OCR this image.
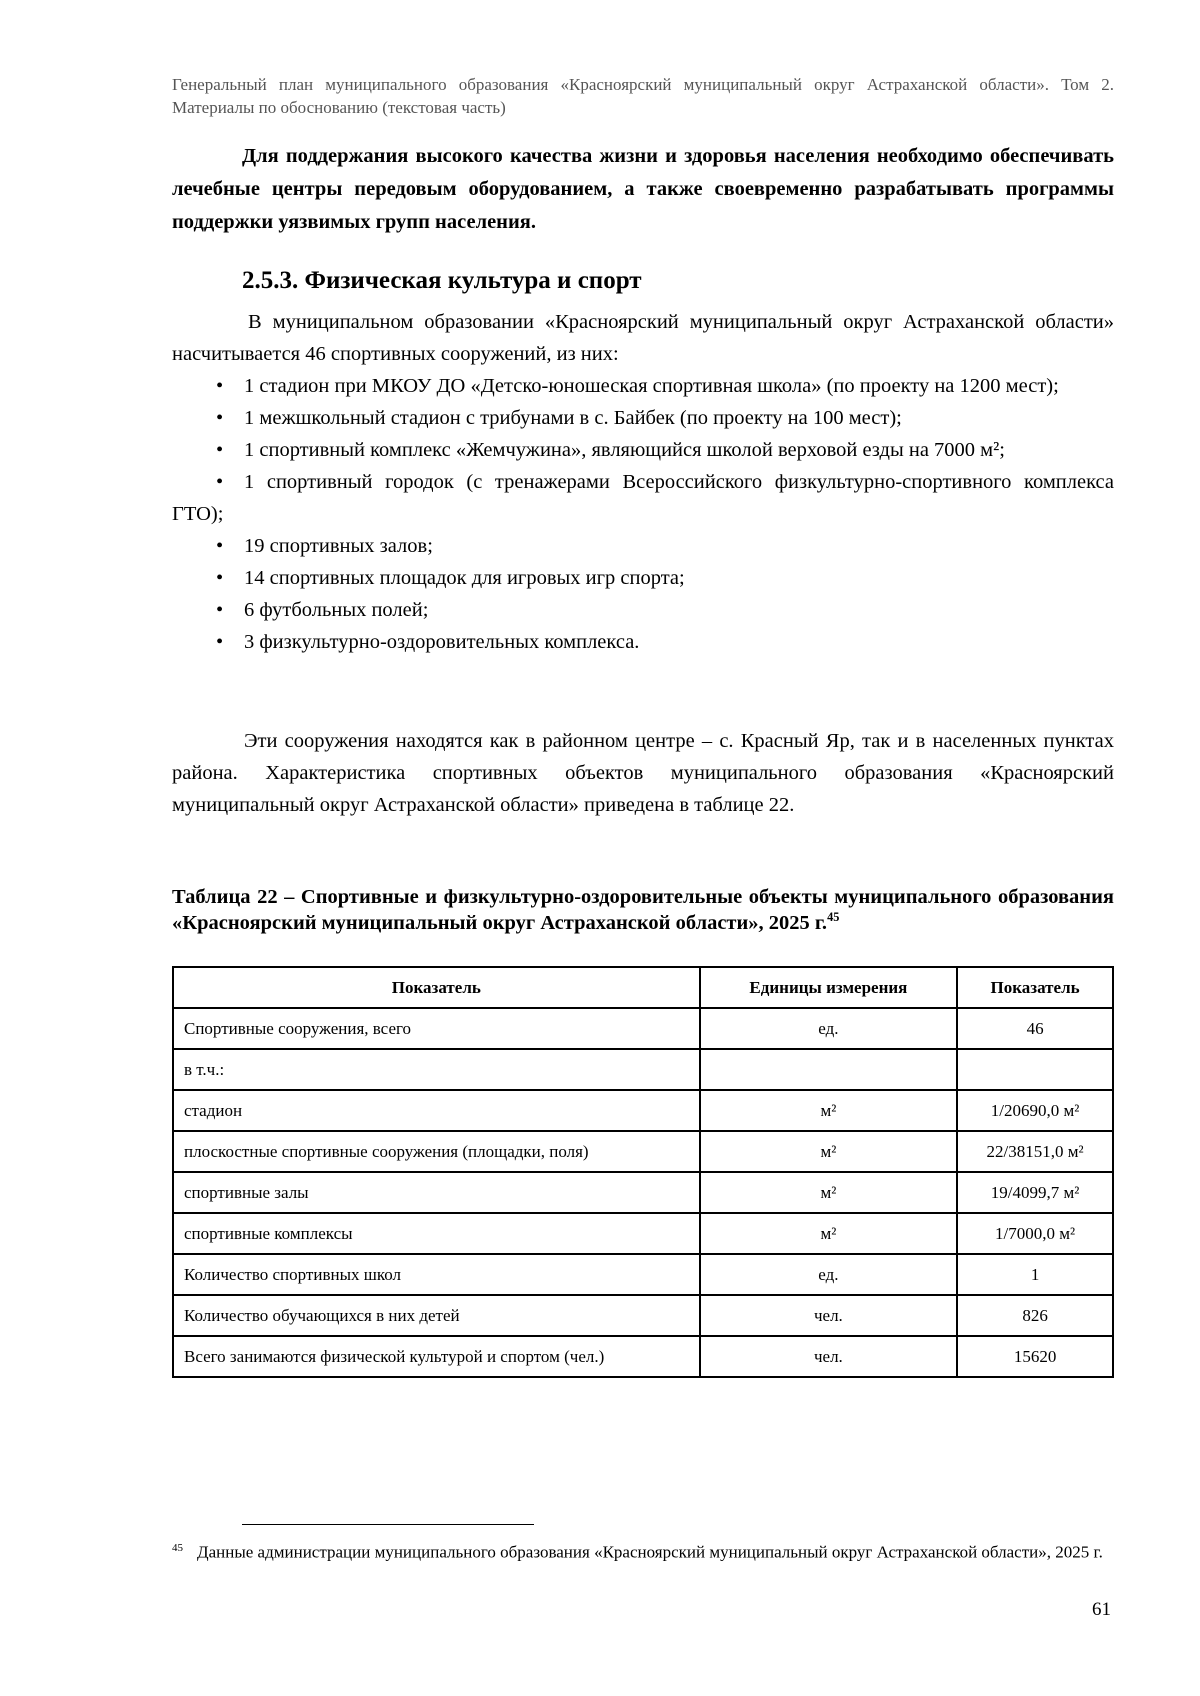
Генеральный план муниципального образования «Красноярский муниципальный округ Астраханской области». Том 2. Материалы по обоснованию (текстовая часть)
Для поддержания высокого качества жизни и здоровья населения необходимо обеспечивать лечебные центры передовым оборудованием, а также своевременно разрабатывать программы поддержки уязвимых групп населения.
2.5.3. Физическая культура и спорт
В муниципальном образовании «Красноярский муниципальный округ Астраханской области» насчитывается 46 спортивных сооружений, из них:
• 1 стадион при МКОУ ДО «Детско-юношеская спортивная школа» (по проекту на 1200 мест);
• 1 межшкольный стадион с трибунами в с. Байбек (по проекту на 100 мест);
• 1 спортивный комплекс «Жемчужина», являющийся школой верховой езды на 7000 м²;
• 1 спортивный городок (с тренажерами Всероссийского физкультурно-спортивного комплекса ГТО);
• 19 спортивных залов;
• 14 спортивных площадок для игровых игр спорта;
• 6 футбольных полей;
• 3 физкультурно-оздоровительных комплекса.
Эти сооружения находятся как в районном центре – с. Красный Яр, так и в населенных пунктах района. Характеристика спортивных объектов муниципального образования «Красноярский муниципальный округ Астраханской области» приведена в таблице 22.
Таблица 22 – Спортивные и физкультурно-оздоровительные объекты муниципального образования «Красноярский муниципальный округ Астраханской области», 2025 г.$^{45}$
Показатель	Единицы измерения	Показатель
Спортивные сооружения, всего	ед.	46
в т.ч.:		
стадион	м²	1/20690,0 м²
плоскостные спортивные сооружения (площадки, поля)	м²	22/38151,0 м²
спортивные залы	м²	19/4099,7 м²
спортивные комплексы	м²	1/7000,0 м²
Количество спортивных школ	ед.	1
Количество обучающихся в них детей	чел.	826
Всего занимаются физической культурой и спортом (чел.)	чел.	15620
$^{45}$ Данные администрации муниципального образования «Красноярский муниципальный округ Астраханской области», 2025 г.
61
